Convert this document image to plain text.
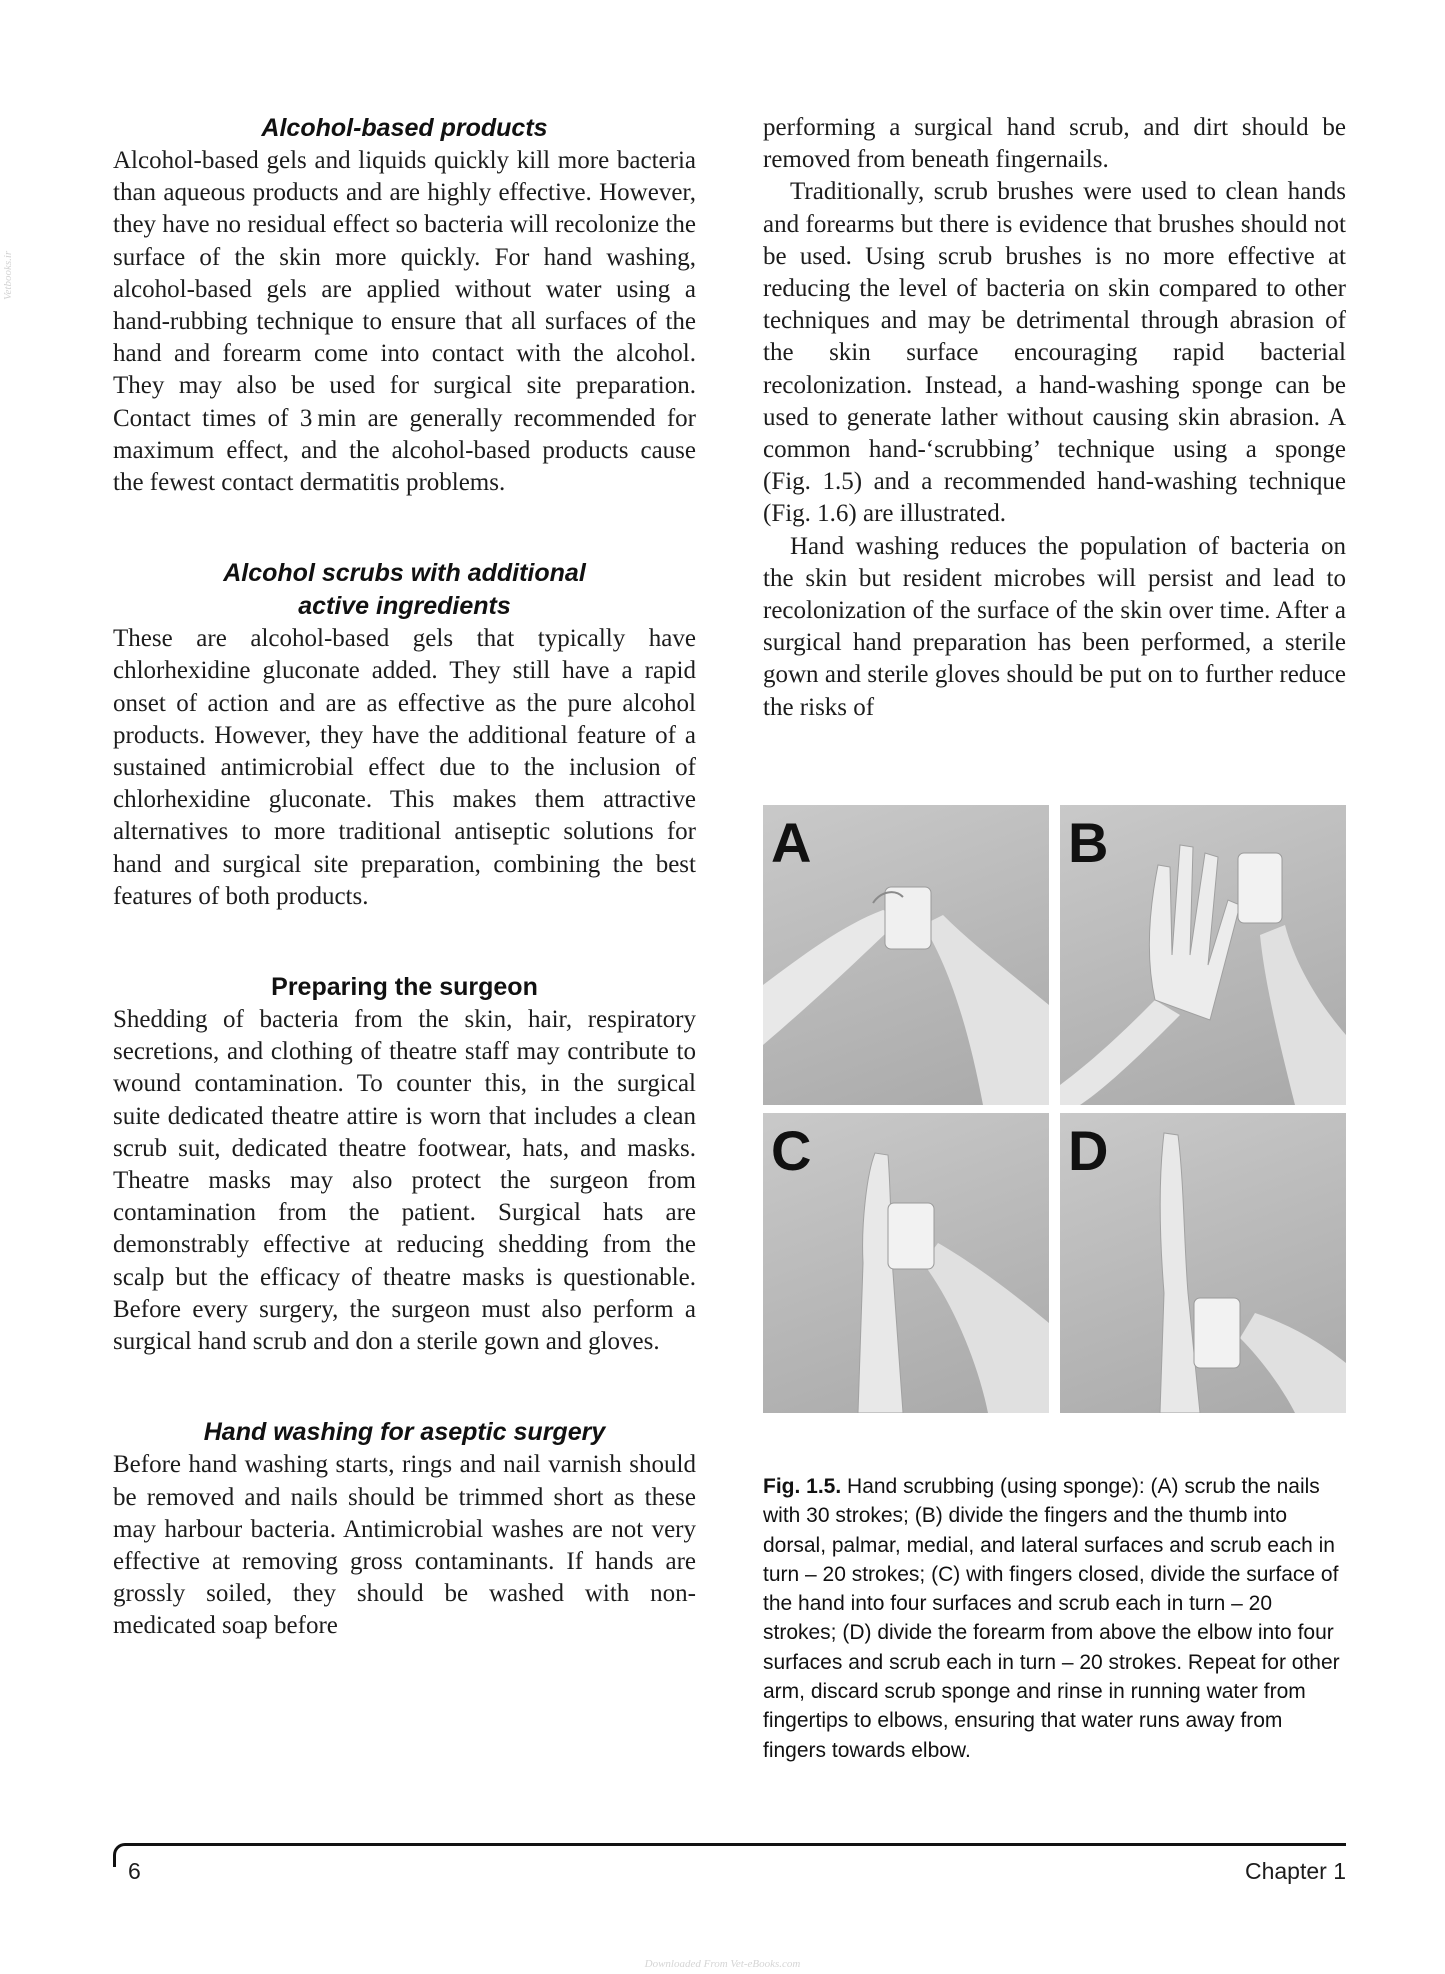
Vetbooks.ir
Alcohol-based products

Alcohol-based gels and liquids quickly kill more bacteria than aqueous products and are highly effective. However, they have no residual effect so bacteria will recolonize the surface of the skin more quickly. For hand washing, alcohol-based gels are applied without water using a hand-rubbing technique to ensure that all surfaces of the hand and forearm come into contact with the alcohol. They may also be used for surgical site preparation. Contact times of 3 min are generally recommended for maximum effect, and the alcohol-based products cause the fewest contact dermatitis problems.

Alcohol scrubs with additional
active ingredients

These are alcohol-based gels that typically have chlorhexidine gluconate added. They still have a rapid onset of action and are as effective as the pure alcohol products. However, they have the additional feature of a sustained antimicrobial effect due to the inclusion of chlorhexidine gluconate. This makes them attractive alternatives to more traditional antiseptic solutions for hand and surgical site preparation, combining the best features of both products.

Preparing the surgeon

Shedding of bacteria from the skin, hair, respiratory secretions, and clothing of theatre staff may contribute to wound contamination. To counter this, in the surgical suite dedicated theatre attire is worn that includes a clean scrub suit, dedicated theatre footwear, hats, and masks. Theatre masks may also protect the surgeon from contamination from the patient. Surgical hats are demonstrably effective at reducing shedding from the scalp but the efficacy of theatre masks is questionable. Before every surgery, the surgeon must also perform a surgical hand scrub and don a sterile gown and gloves.

Hand washing for aseptic surgery

Before hand washing starts, rings and nail varnish should be removed and nails should be trimmed short as these may harbour bacteria. Antimicrobial washes are not very effective at removing gross contaminants. If hands are grossly soiled, they should be washed with non-medicated soap before

performing a surgical hand scrub, and dirt should be removed from beneath fingernails.

Traditionally, scrub brushes were used to clean hands and forearms but there is evidence that brushes should not be used. Using scrub brushes is no more effective at reducing the level of bacteria on skin compared to other techniques and may be detrimental through abrasion of the skin surface encouraging rapid bacterial recolonization. Instead, a hand-washing sponge can be used to generate lather without causing skin abrasion. A common hand-‘scrubbing’ technique using a sponge (Fig. 1.5) and a recommended hand-washing technique (Fig. 1.6) are illustrated.

Hand washing reduces the population of bacteria on the skin but resident microbes will persist and lead to recolonization of the surface of the skin over time. After a surgical hand preparation has been performed, a sterile gown and sterile gloves should be put on to further reduce the risks of

A	B
C	D
Fig. 1.5. Hand scrubbing (using sponge): (A) scrub the nails with 30 strokes; (B) divide the fingers and the thumb into dorsal, palmar, medial, and lateral surfaces and scrub each in turn – 20 strokes; (C) with fingers closed, divide the surface of the hand into four surfaces and scrub each in turn – 20 strokes; (D) divide the forearm from above the elbow into four surfaces and scrub each in turn – 20 strokes. Repeat for other arm, discard scrub sponge and rinse in running water from fingertips to elbows, ensuring that water runs away from fingers towards elbow.
6	Chapter 1
Downloaded From Vet-eBooks.com
